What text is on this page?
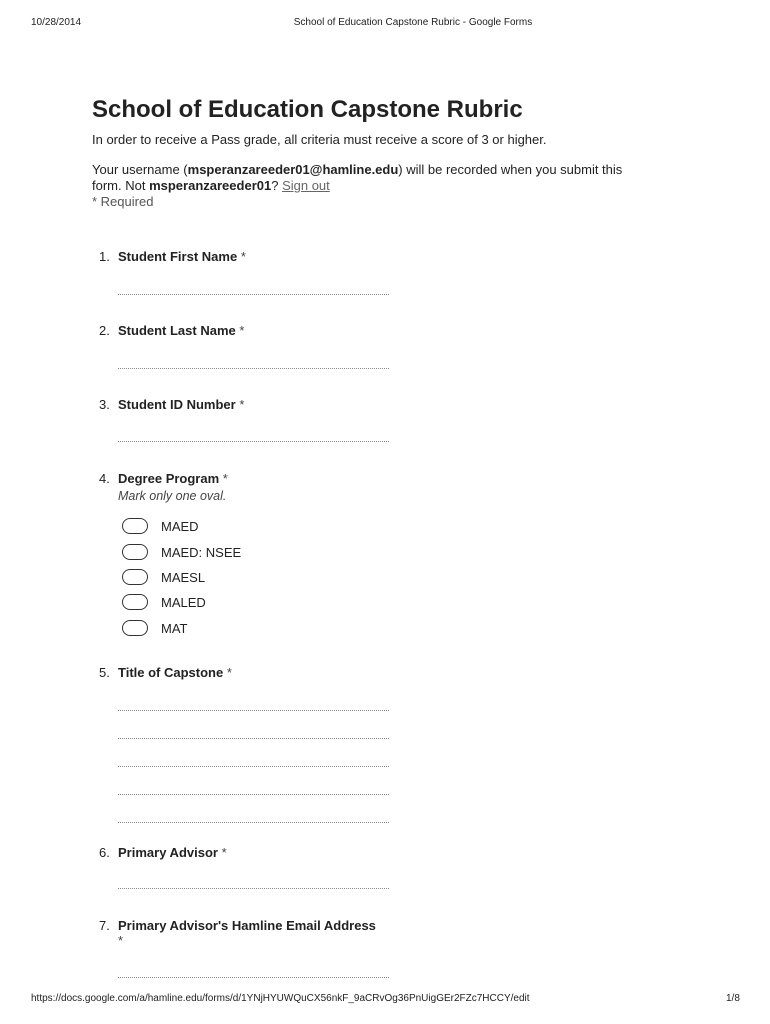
10/28/2014	School of Education Capstone Rubric - Google Forms
School of Education Capstone Rubric
In order to receive a Pass grade, all criteria must receive a score of 3 or higher.
Your username (msperanzareeder01@hamline.edu) will be recorded when you submit this form. Not msperanzareeder01? Sign out
* Required
1. Student First Name *
2. Student Last Name *
3. Student ID Number *
4. Degree Program *
Mark only one oval.
MAED
MAED: NSEE
MAESL
MALED
MAT
5. Title of Capstone *
6. Primary Advisor *
7. Primary Advisor's Hamline Email Address
*
https://docs.google.com/a/hamline.edu/forms/d/1YNjHYUWQuCX56nkF_9aCRvOg36PnUigGEr2FZc7HCCY/edit	1/8
